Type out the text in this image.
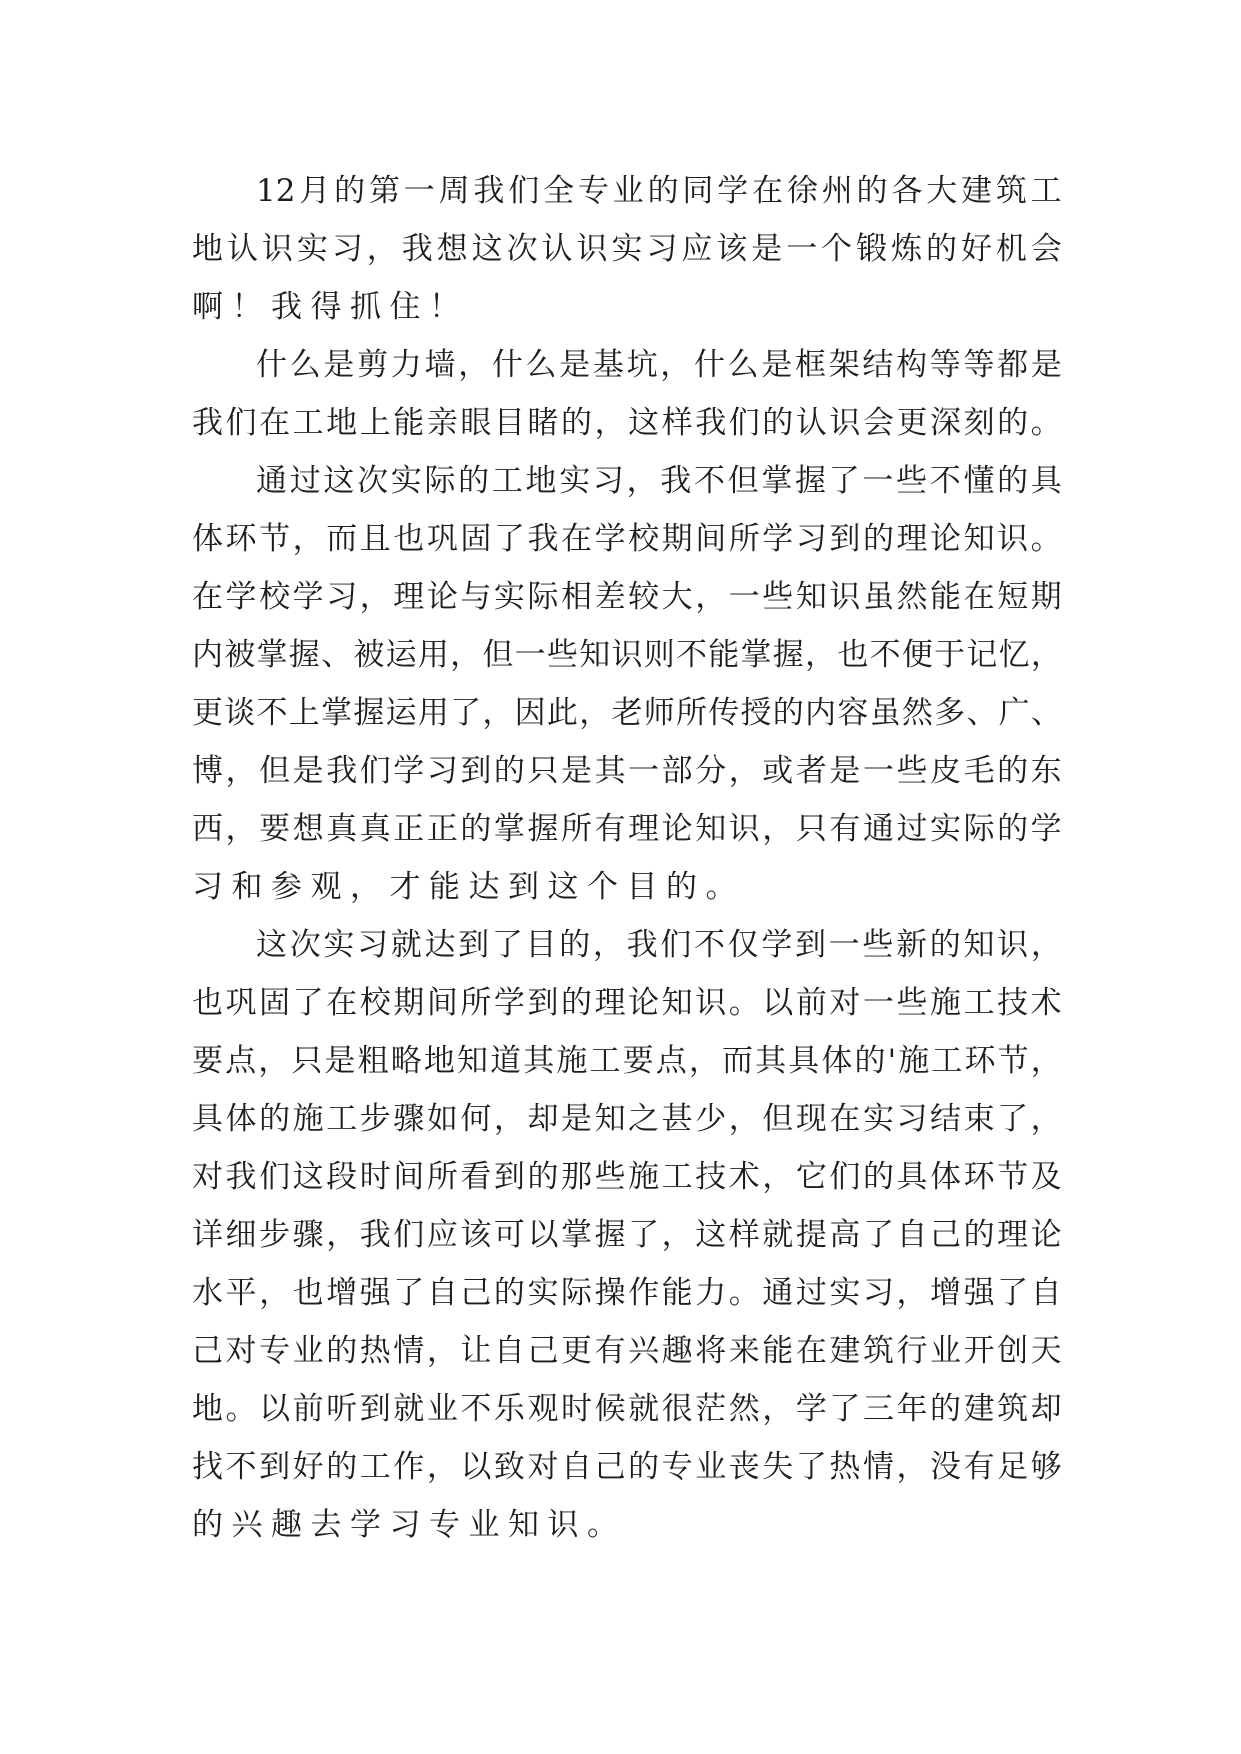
12 月 的 第 一 周 我 们 全 专 业 的 同 学 在 徐 州 的 各 大 建 筑 工
地 认 识 实 习 ， 我 想 这 次 认 识 实 习 应 该 是 一 个 锻 炼 的 好 机 会
啊！我得抓住！
什 么 是 剪 力 墙 ， 什 么 是 基 坑 ， 什 么 是 框 架 结 构 等 等 都 是
我 们 在 工 地 上 能 亲 眼 目 睹 的 ， 这 样 我 们 的 认 识 会 更 深 刻 的 。
通 过 这 次 实 际 的 工 地 实 习 ， 我 不 但 掌 握 了 一 些 不 懂 的 具
体 环 节 ， 而 且 也 巩 固 了 我 在 学 校 期 间 所 学 习 到 的 理 论 知 识 。
在 学 校 学 习 ， 理 论 与 实 际 相 差 较 大 ， 一 些 知 识 虽 然 能 在 短 期
内 被 掌 握 、 被 运 用 ， 但 一 些 知 识 则 不 能 掌 握 ， 也 不 便 于 记 忆 ，
更 谈 不 上 掌 握 运 用 了 ， 因 此 ， 老 师 所 传 授 的 内 容 虽 然 多 、 广 、
博 ， 但 是 我 们 学 习 到 的 只 是 其 一 部 分 ， 或 者 是 一 些 皮 毛 的 东
西 ， 要 想 真 真 正 正 的 掌 握 所 有 理 论 知 识 ， 只 有 通 过 实 际 的 学
习和参观，才能达到这个目的。
这 次 实 习 就 达 到 了 目 的 ， 我 们 不 仅 学 到 一 些 新 的 知 识 ，
也 巩 固 了 在 校 期 间 所 学 到 的 理 论 知 识 。 以 前 对 一 些 施 工 技 术
要 点 ， 只 是 粗 略 地 知 道 其 施 工 要 点 ， 而 其 具 体 的 ' 施 工 环 节 ，
具 体 的 施 工 步 骤 如 何 ， 却 是 知 之 甚 少 ， 但 现 在 实 习 结 束 了 ，
对 我 们 这 段 时 间 所 看 到 的 那 些 施 工 技 术 ， 它 们 的 具 体 环 节 及
详 细 步 骤 ， 我 们 应 该 可 以 掌 握 了 ， 这 样 就 提 高 了 自 己 的 理 论
水 平 ， 也 增 强 了 自 己 的 实 际 操 作 能 力 。 通 过 实 习 ， 增 强 了 自
己 对 专 业 的 热 情 ， 让 自 己 更 有 兴 趣 将 来 能 在 建 筑 行 业 开 创 天
地 。 以 前 听 到 就 业 不 乐 观 时 候 就 很 茫 然 ， 学 了 三 年 的 建 筑 却
找 不 到 好 的 工 作 ， 以 致 对 自 己 的 专 业 丧 失 了 热 情 ， 没 有 足 够
的兴趣去学习专业知识。
